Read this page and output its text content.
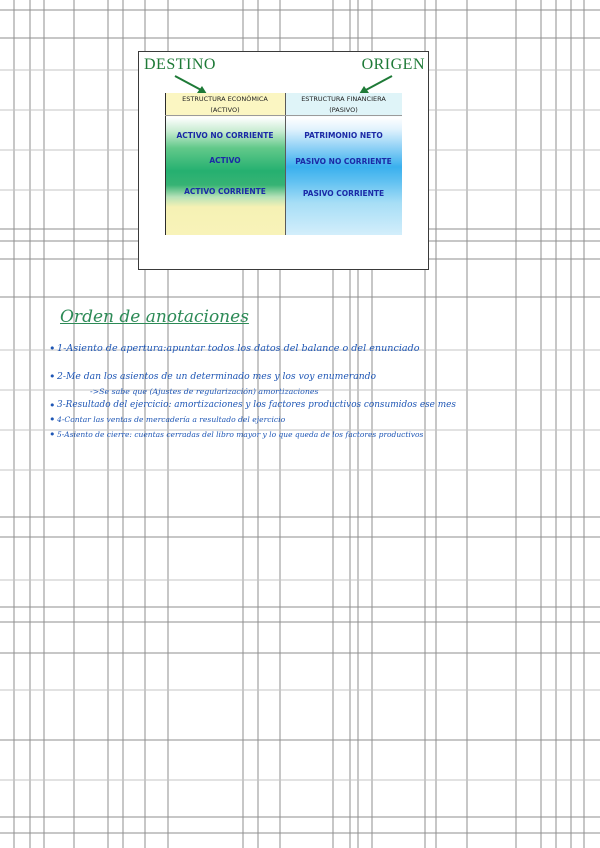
DESTINO	ORIGEN
ESTRUCTURA ECONÓMICA
(ACTIVO)
ESTRUCTURA FINANCIERA
(PASIVO)
ACTIVO NO CORRIENTE
ACTIVO
ACTIVO CORRIENTE
PATRIMONIO NETO
PASIVO NO CORRIENTE
PASIVO CORRIENTE
Orden de anotaciones
• 1-Asiento de apertura:apuntar todos los datos del balance o del enunciado
• 2-Me dan los asientos de un determinado mes y los voy enumerando
->Se sabe que (Ajustes de regularización) amortizaciones
• 3-Resultado del ejercicio: amortizaciones y los factores productivos consumidos ese mes
• 4-Contar las ventas de mercadería a resultado del ejercicio
• 5-Asiento de cierre: cuentas cerradas del libro mayor y lo que queda de los factores productivos
